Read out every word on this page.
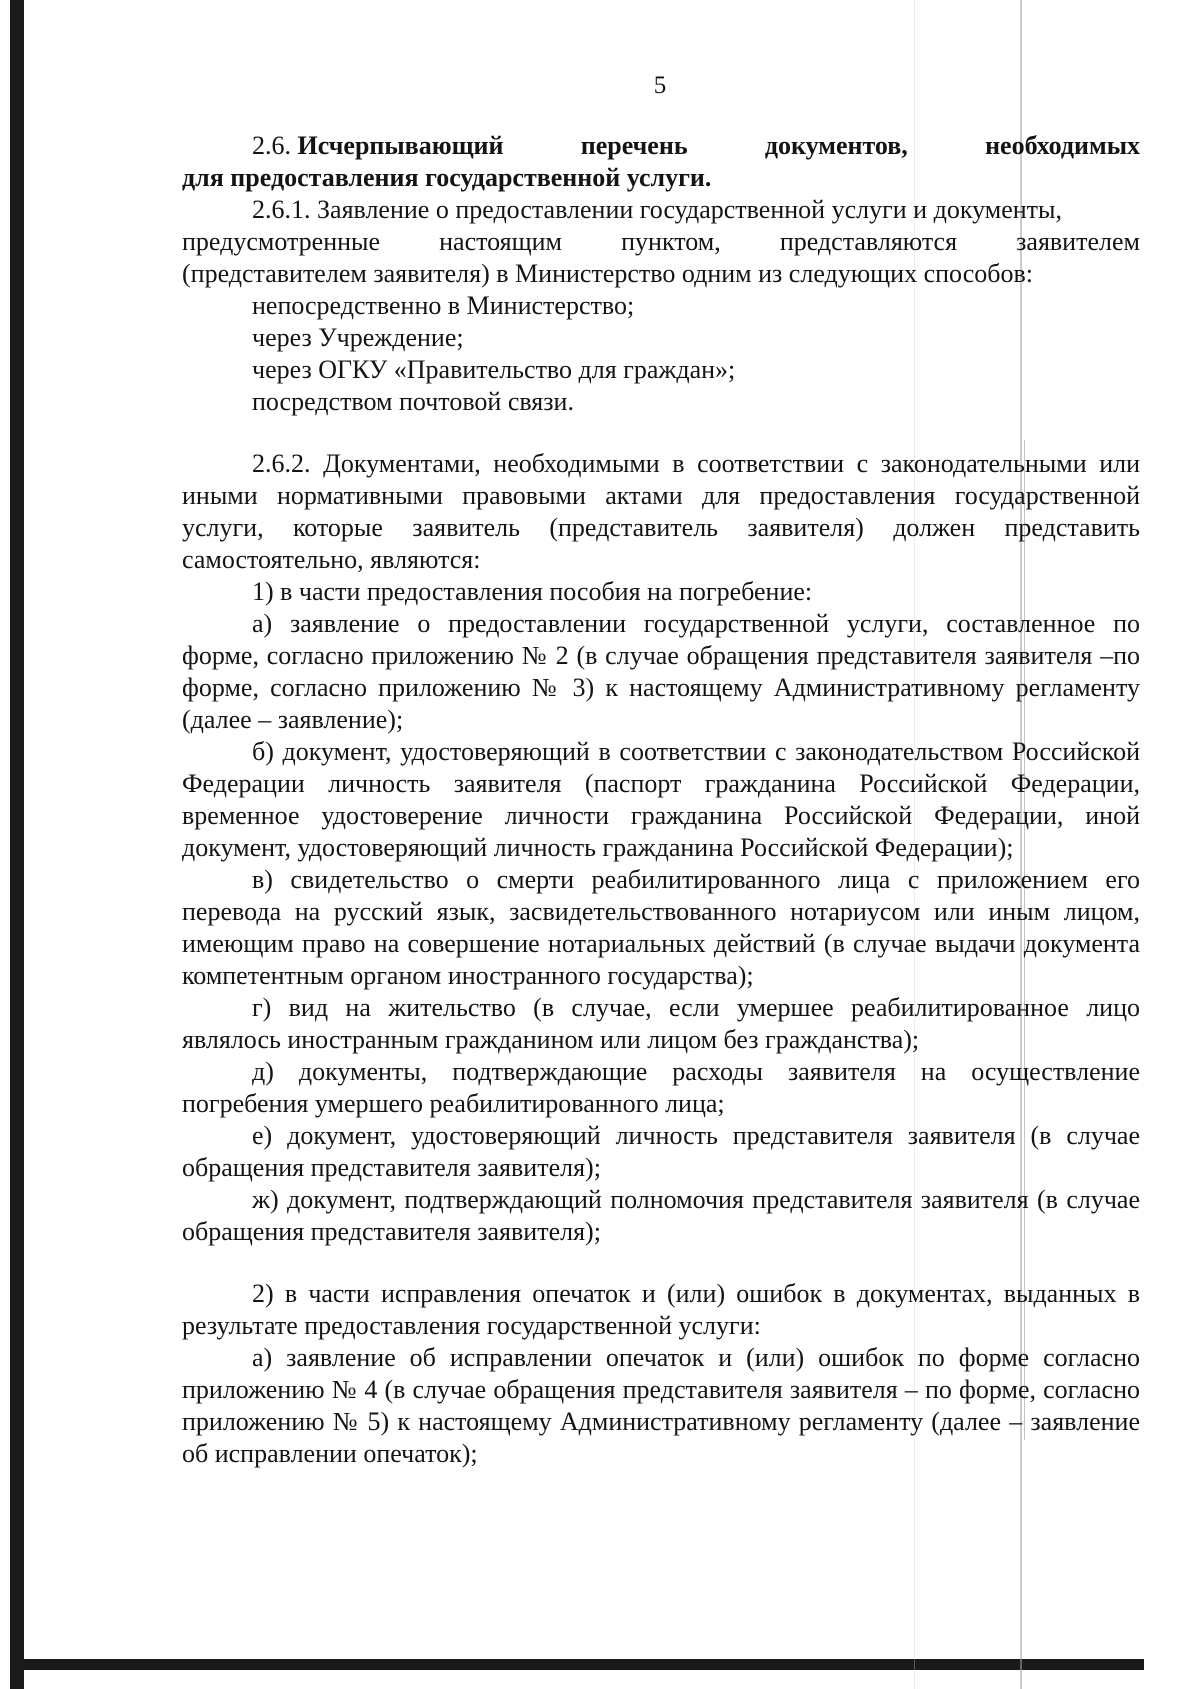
5
2.6. Исчерпывающий	перечень	документов,	необходимых

для предоставления государственной услуги.

2.6.1. Заявление о предоставлении государственной услуги и документы,

предусмотренные настоящим пунктом, представляются заявителем

(представителем заявителя) в Министерство одним из следующих способов:

непосредственно в Министерство;

через Учреждение;

через ОГКУ «Правительство для граждан»;

посредством почтовой связи.

2.6.2. Документами, необходимыми в соответствии с законодательными или иными нормативными правовыми актами для предоставления государственной услуги, которые заявитель (представитель заявителя) должен представить самостоятельно, являются:

1) в части предоставления пособия на погребение:

а) заявление о предоставлении государственной услуги, составленное по форме, согласно приложению № 2 (в случае обращения представителя заявителя –по форме, согласно приложению № 3) к настоящему Административному регламенту (далее – заявление);

б) документ, удостоверяющий в соответствии с законодательством Российской Федерации личность заявителя (паспорт гражданина Российской Федерации, временное удостоверение личности гражданина Российской Федерации, иной документ, удостоверяющий личность гражданина Российской Федерации);

в) свидетельство о смерти реабилитированного лица с приложением его перевода на русский язык, засвидетельствованного нотариусом или иным лицом, имеющим право на совершение нотариальных действий (в случае выдачи документа компетентным органом иностранного государства);

г) вид на жительство (в случае, если умершее реабилитированное лицо являлось иностранным гражданином или лицом без гражданства);

д) документы, подтверждающие расходы заявителя на осуществление погребения умершего реабилитированного лица;

е) документ, удостоверяющий личность представителя заявителя (в случае обращения представителя заявителя);

ж) документ, подтверждающий полномочия представителя заявителя (в случае обращения представителя заявителя);

2) в части исправления опечаток и (или) ошибок в документах, выданных в результате предоставления государственной услуги:

а) заявление об исправлении опечаток и (или) ошибок по форме согласно приложению № 4 (в случае обращения представителя заявителя – по форме, согласно приложению № 5) к настоящему Административному регламенту (далее – заявление об исправлении опечаток);
